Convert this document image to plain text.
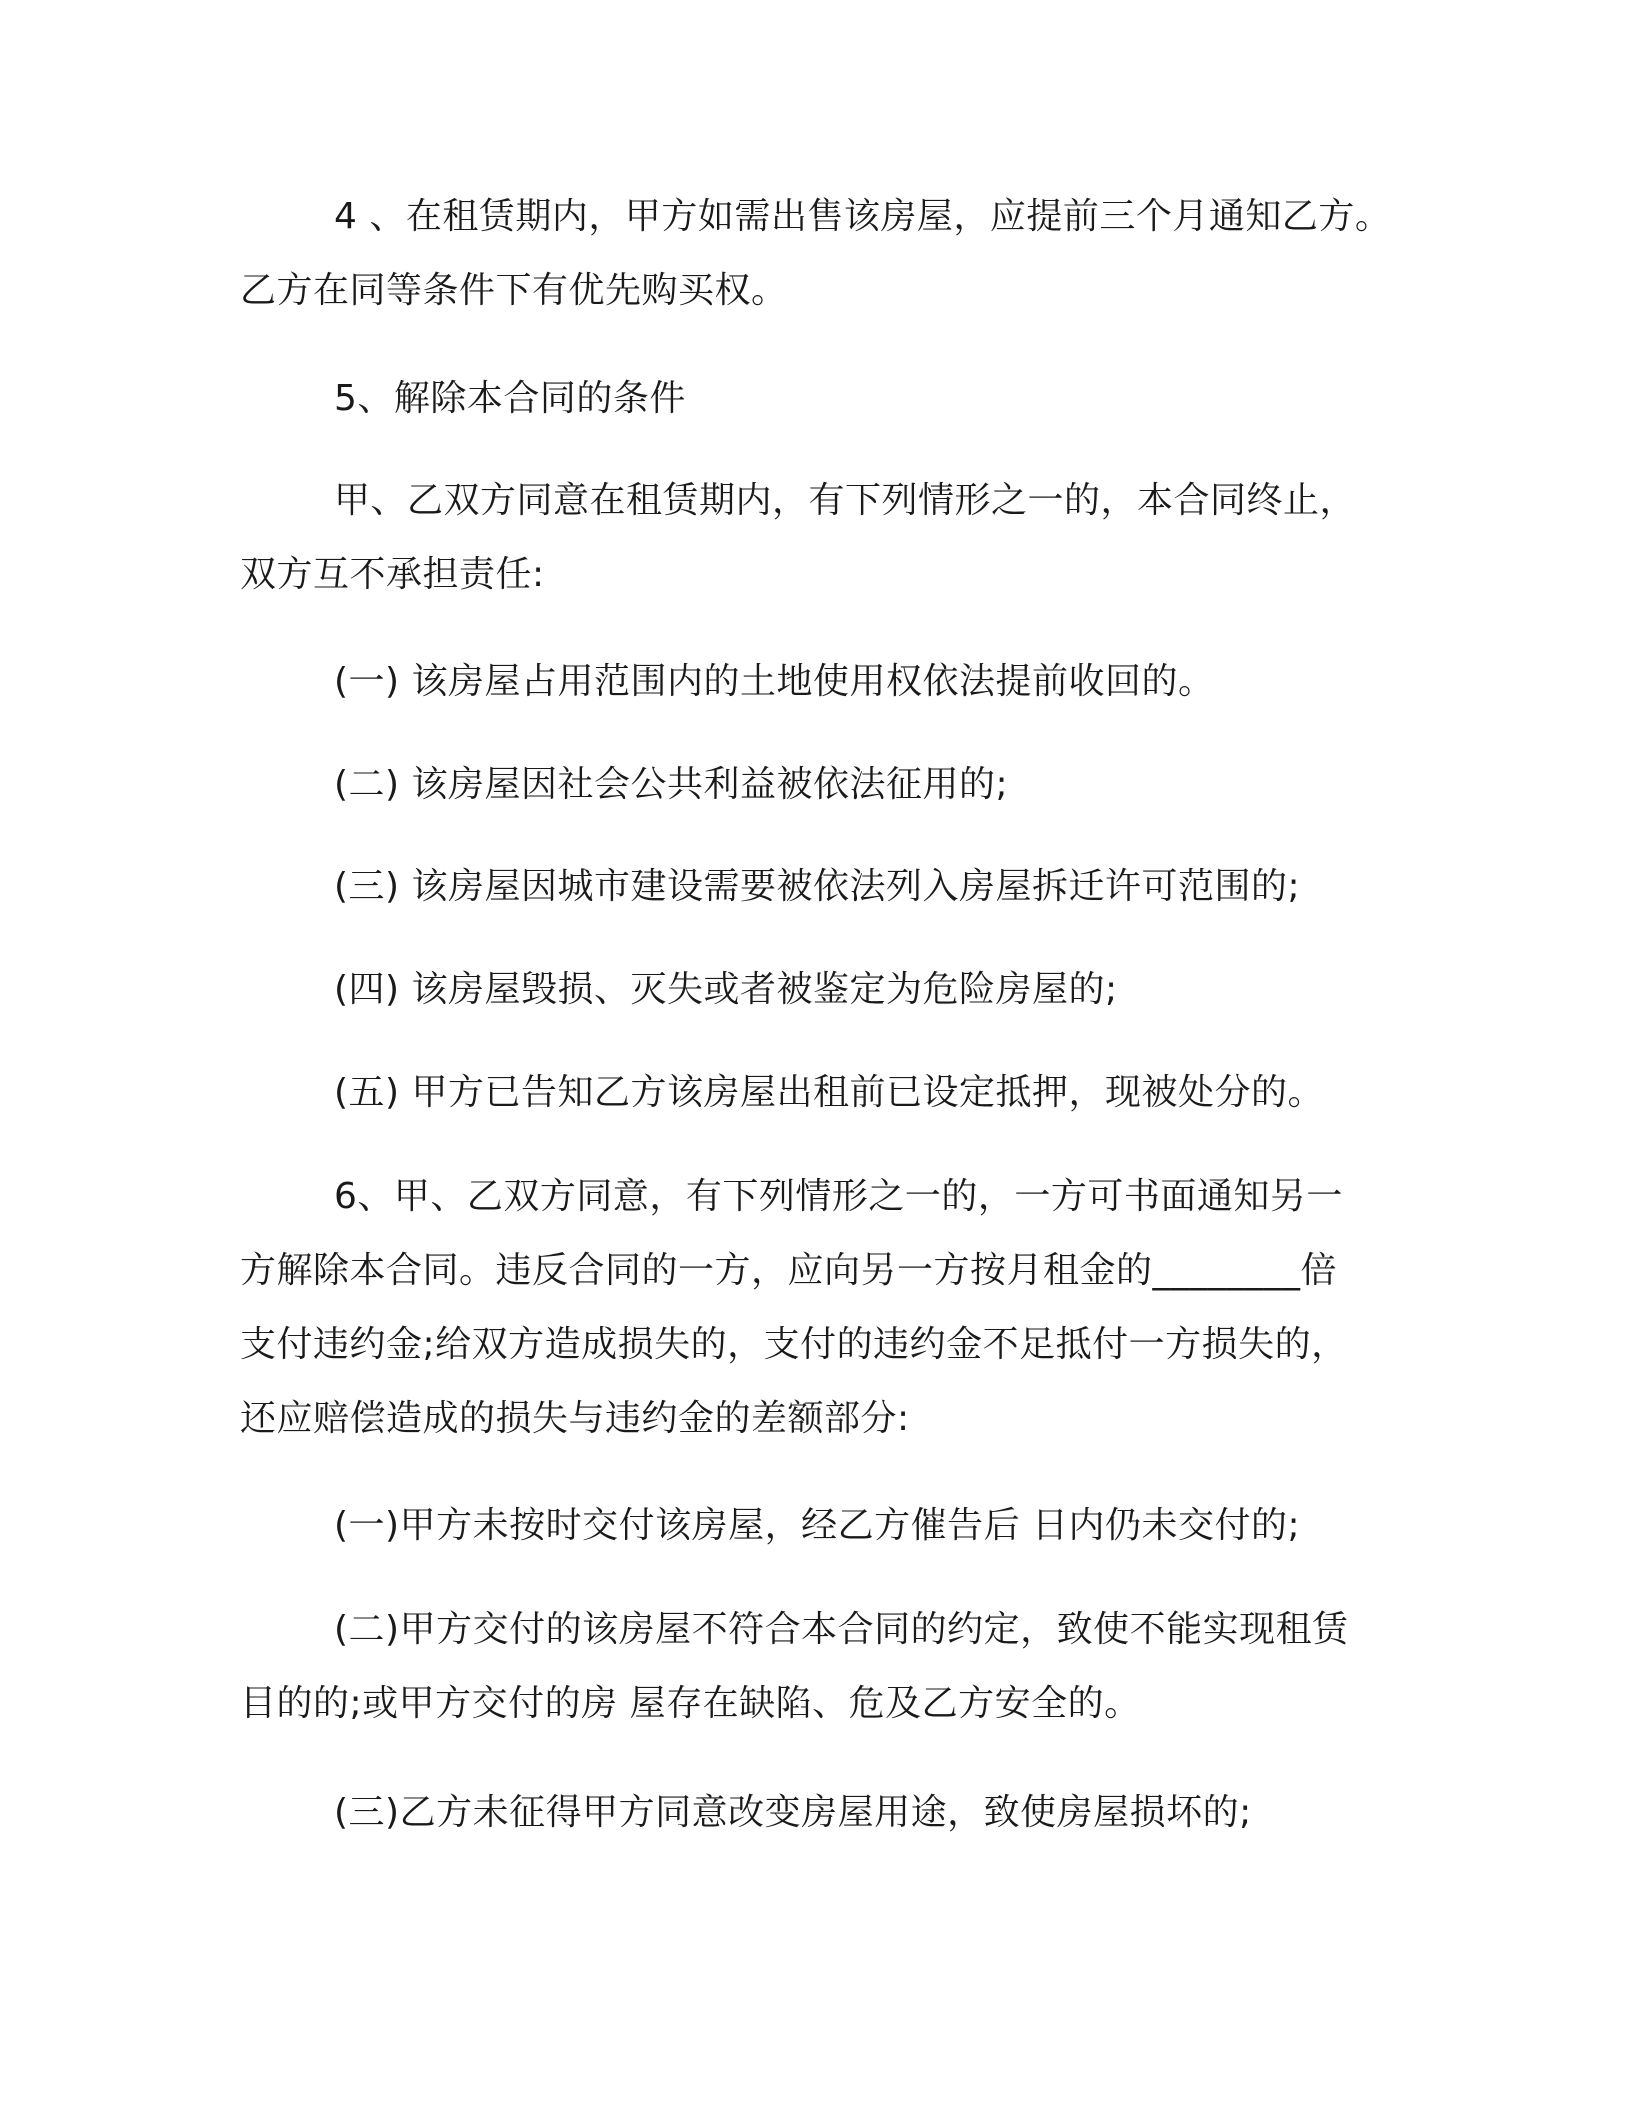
4 、在租赁期内，甲方如需出售该房屋，应提前三个月通知乙方。
乙方在同等条件下有优先购买权。
5、解除本合同的条件
甲、乙双方同意在租赁期内，有下列情形之一的，本合同终止，
双方互不承担责任:
(一) 该房屋占用范围内的土地使用权依法提前收回的。
(二) 该房屋因社会公共利益被依法征用的;
(三) 该房屋因城市建设需要被依法列入房屋拆迁许可范围的;
(四) 该房屋毁损、灭失或者被鉴定为危险房屋的;
(五) 甲方已告知乙方该房屋出租前已设定抵押，现被处分的。
6、甲、乙双方同意，有下列情形之一的，一方可书面通知另一
方解除本合同。违反合同的一方，应向另一方按月租金的________倍
支付违约金;给双方造成损失的，支付的违约金不足抵付一方损失的，
还应赔偿造成的损失与违约金的差额部分:
(一)甲方未按时交付该房屋，经乙方催告后 日内仍未交付的;
(二)甲方交付的该房屋不符合本合同的约定，致使不能实现租赁
目的的;或甲方交付的房 屋存在缺陷、危及乙方安全的。
(三)乙方未征得甲方同意改变房屋用途，致使房屋损坏的;
